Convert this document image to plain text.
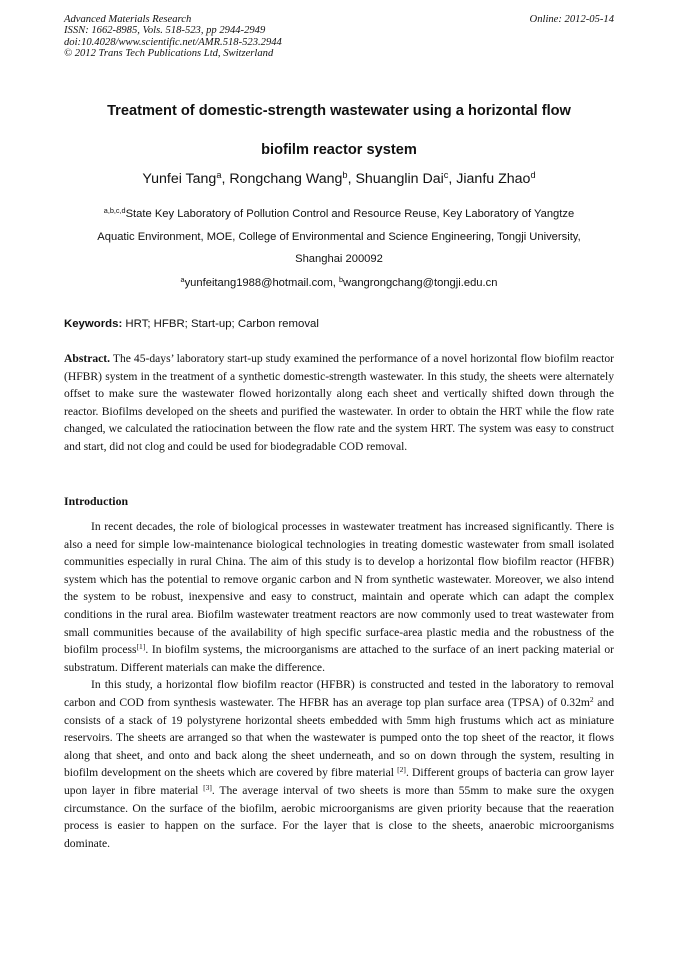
Advanced Materials Research
ISSN: 1662-8985, Vols. 518-523, pp 2944-2949
doi:10.4028/www.scientific.net/AMR.518-523.2944
© 2012 Trans Tech Publications Ltd, Switzerland
Online: 2012-05-14
Treatment of domestic-strength wastewater using a horizontal flow
biofilm reactor system
Yunfei Tang$^a$, Rongchang Wang$^b$, Shuanglin Dai$^c$, Jianfu Zhao$^d$
$^{a,b,c,d}$State Key Laboratory of Pollution Control and Resource Reuse, Key Laboratory of Yangtze
Aquatic Environment, MOE, College of Environmental and Science Engineering, Tongji University,
Shanghai 200092
$^a$yunfeitang1988@hotmail.com, $^b$wangrongchang@tongji.edu.cn
Keywords: HRT; HFBR; Start-up; Carbon removal
Abstract. The 45-days’ laboratory start-up study examined the performance of a novel horizontal flow biofilm reactor (HFBR) system in the treatment of a synthetic domestic-strength wastewater. In this study, the sheets were alternately offset to make sure the wastewater flowed horizontally along each sheet and vertically shifted down through the reactor. Biofilms developed on the sheets and purified the wastewater. In order to obtain the HRT while the flow rate changed, we calculated the ratiocination between the flow rate and the system HRT. The system was easy to construct and start, did not clog and could be used for biodegradable COD removal.
Introduction

In recent decades, the role of biological processes in wastewater treatment has increased significantly. There is also a need for simple low-maintenance biological technologies in treating domestic wastewater from small isolated communities especially in rural China. The aim of this study is to develop a horizontal flow biofilm reactor (HFBR) system which has the potential to remove organic carbon and N from synthetic wastewater. Moreover, we also intend the system to be robust, inexpensive and easy to construct, maintain and operate which can adapt the complex conditions in the rural area. Biofilm wastewater treatment reactors are now commonly used to treat wastewater from small communities because of the availability of high specific surface-area plastic media and the robustness of the biofilm process[1]. In biofilm systems, the microorganisms are attached to the surface of an inert packing material or substratum. Different materials can make the difference.

In this study, a horizontal flow biofilm reactor (HFBR) is constructed and tested in the laboratory to removal carbon and COD from synthesis wastewater. The HFBR has an average top plan surface area (TPSA) of $0.32m^2$ and consists of a stack of 19 polystyrene horizontal sheets embedded with 5mm high frustums which act as miniature reservoirs. The sheets are arranged so that when the wastewater is pumped onto the top sheet of the reactor, it flows along that sheet, and onto and back along the sheet underneath, and so on down through the system, resulting in biofilm development on the sheets which are covered by fibre material [2]. Different groups of bacteria can grow layer upon layer in fibre material [3]. The average interval of two sheets is more than 55mm to make sure the oxygen circumstance. On the surface of the biofilm, aerobic microorganisms are given priority because that the reaeration process is easier to happen on the surface. For the layer that is close to the sheets, anaerobic microorganisms dominate.
